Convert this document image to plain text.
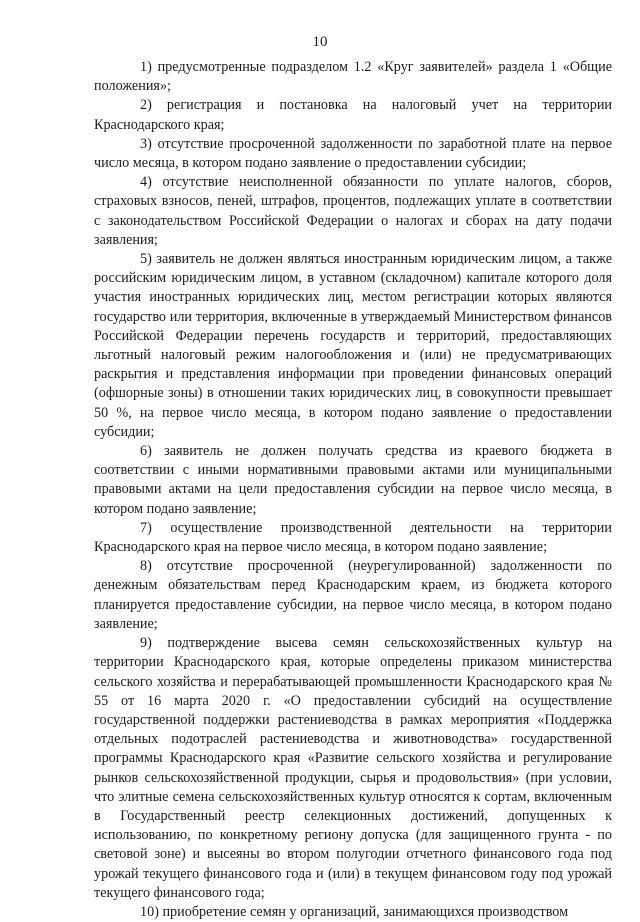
10

1) предусмотренные подразделом 1.2 «Круг заявителей» раздела 1 «Общие положения»;

2) регистрация и постановка на налоговый учет на территории Краснодарского края;

3) отсутствие просроченной задолженности по заработной плате на первое число месяца, в котором подано заявление о предоставлении субсидии;

4) отсутствие неисполненной обязанности по уплате налогов, сборов, страховых взносов, пеней, штрафов, процентов, подлежащих уплате в соответствии с законодательством Российской Федерации о налогах и сборах на дату подачи заявления;

5) заявитель не должен являться иностранным юридическим лицом, а также российским юридическим лицом, в уставном (складочном) капитале которого доля участия иностранных юридических лиц, местом регистрации которых являются государство или территория, включенные в утверждаемый Министерством финансов Российской Федерации перечень государств и территорий, предоставляющих льготный налоговый режим налогообложения и (или) не предусматривающих раскрытия и представления информации при проведении финансовых операций (офшорные зоны) в отношении таких юридических лиц, в совокупности превышает 50 %, на первое число месяца, в котором подано заявление о предоставлении субсидии;

6) заявитель не должен получать средства из краевого бюджета в соответствии с иными нормативными правовыми актами или муниципальными правовыми актами на цели предоставления субсидии на первое число месяца, в котором подано заявление;

7) осуществление производственной деятельности на территории Краснодарского края на первое число месяца, в котором подано заявление;

8) отсутствие просроченной (неурегулированной) задолженности по денежным обязательствам перед Краснодарским краем, из бюджета которого планируется предоставление субсидии, на первое число месяца, в котором подано заявление;

9) подтверждение высева семян сельскохозяйственных культур на территории Краснодарского края, которые определены приказом министерства сельского хозяйства и перерабатывающей промышленности Краснодарского края № 55 от 16 марта 2020 г. «О предоставлении субсидий на осуществление государственной поддержки растениеводства в рамках мероприятия «Поддержка отдельных подотраслей растениеводства и животноводства» государственной программы Краснодарского края «Развитие сельского хозяйства и регулирование рынков сельскохозяйственной продукции, сырья и продовольствия» (при условии, что элитные семена сельскохозяйственных культур относятся к сортам, включенным в Государственный реестр селекционных достижений, допущенных к использованию, по конкретному региону допуска (для защищенного грунта - по световой зоне) и высеяны во втором полугодии отчетного финансового года под урожай текущего финансового года и (или) в текущем финансовом году под урожай текущего финансового года;

10) приобретение семян у организаций, занимающихся производством
